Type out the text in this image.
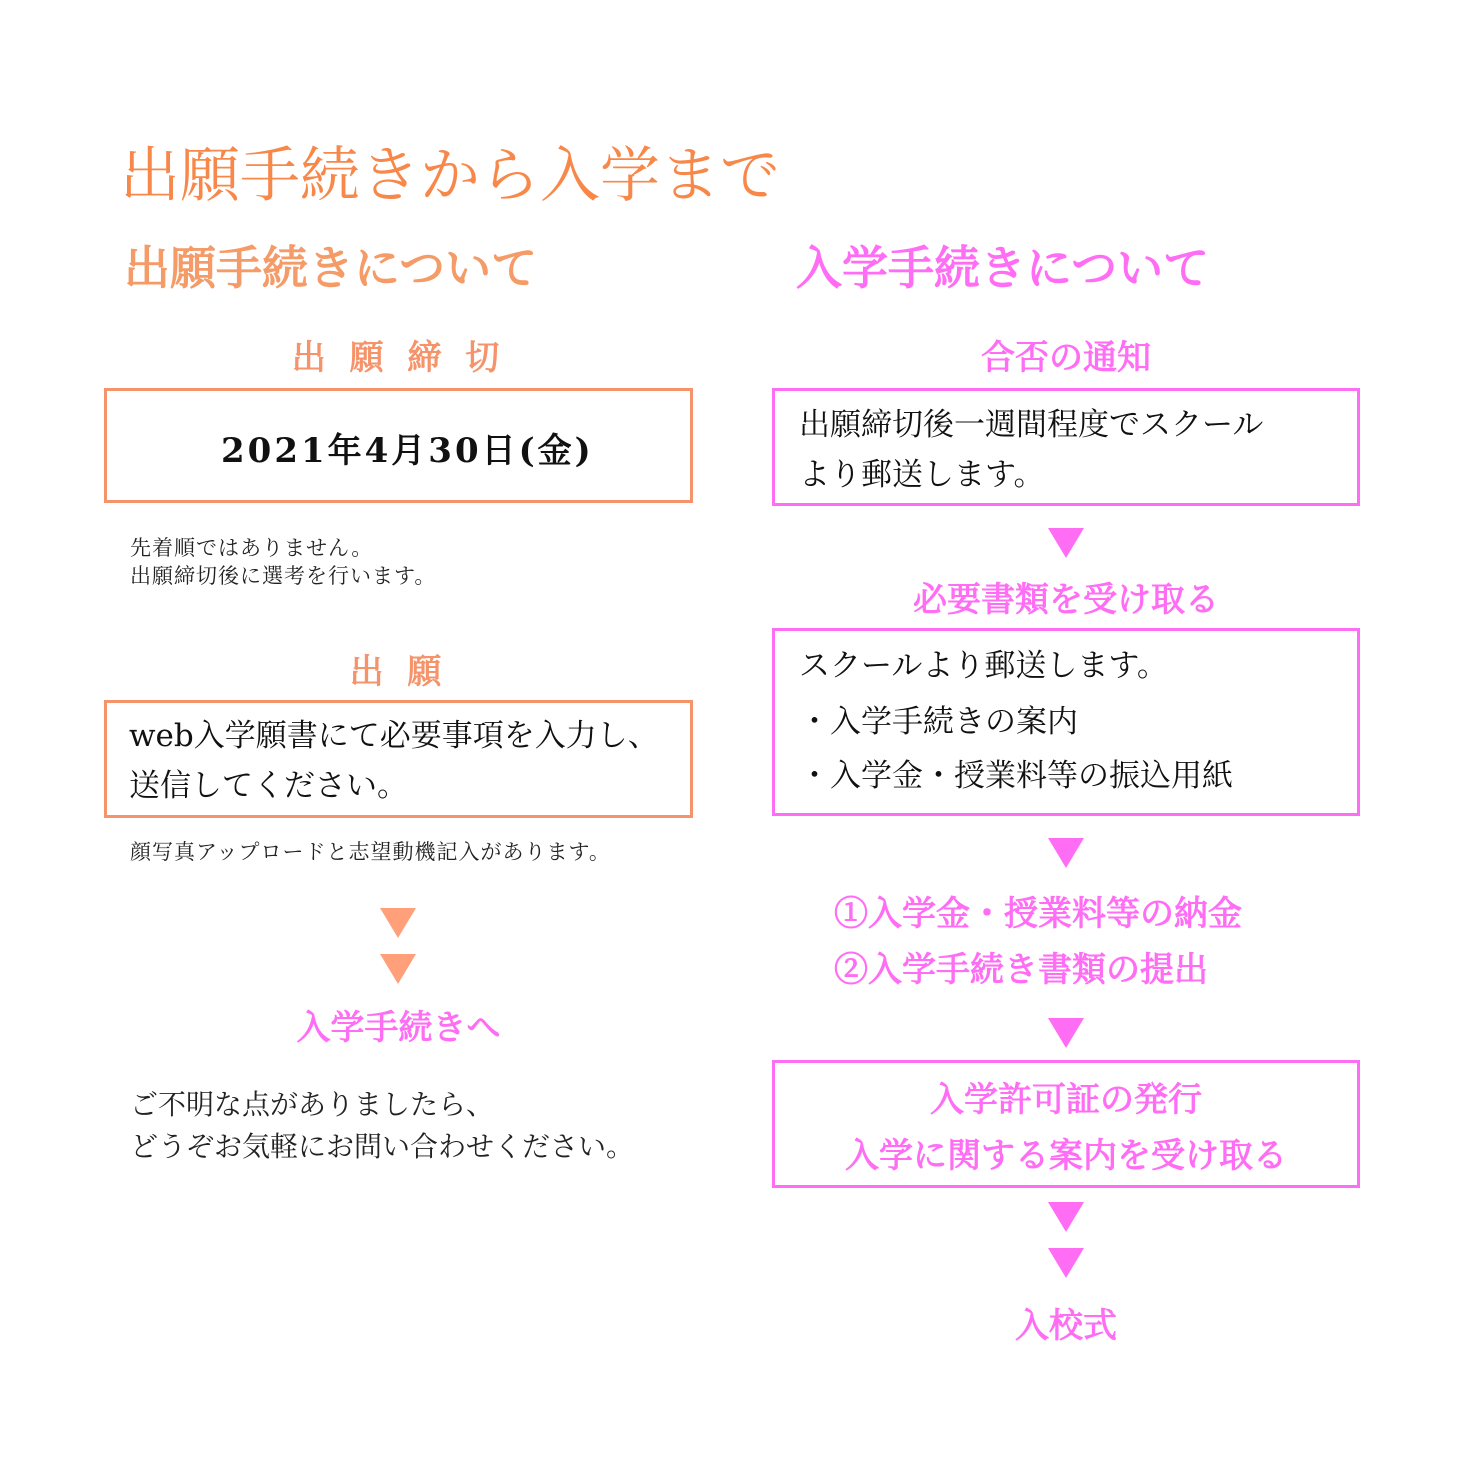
出願手続きから入学まで
出願手続きについて
出 願 締 切
2021年4月30日(金)
先着順ではありません。
出願締切後に選考を行います。
出 願
web入学願書にて必要事項を入力し、
送信してください。
顔写真アップロードと志望動機記入があります。
入学手続きへ
ご不明な点がありましたら、
どうぞお気軽にお問い合わせください。
入学手続きについて
合否の通知
出願締切後一週間程度でスクール
より郵送します。
必要書類を受け取る
スクールより郵送します。
・入学手続きの案内
・入学金・授業料等の振込用紙
①入学金・授業料等の納金
②入学手続き書類の提出
入学許可証の発行
入学に関する案内を受け取る
入校式
